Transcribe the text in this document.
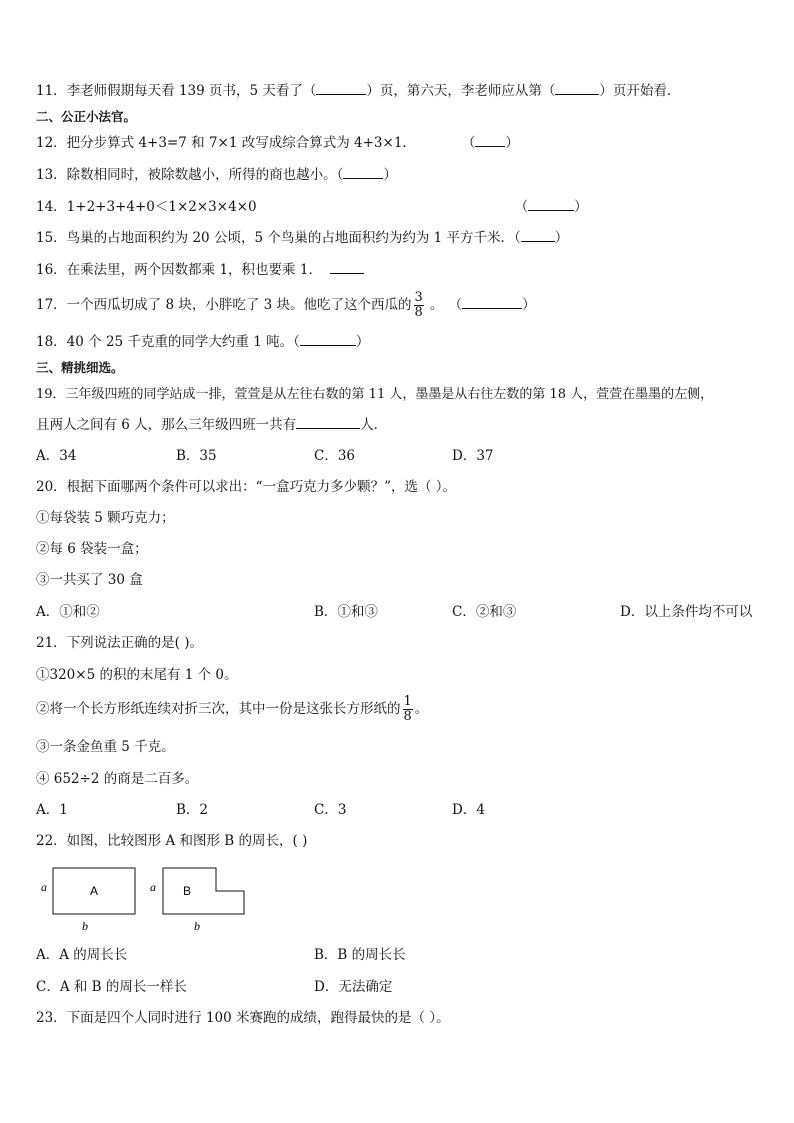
11．李老师假期每天看 139 页书，5 天看了（	）页，第六天，李老师应从第（	）页开始看．
二、公正小法官。
12．把分步算式 4+3=7 和 7×1 改写成综合算式为 4+3×1．	（ ）
13．除数相同时，被除数越小，所得的商也越小。（	）
14．1+2+3+4+0＜1×2×3×4×0	（	）
15．鸟巢的占地面积约为 20 公顷，5 个鸟巢的占地面积约为约为 1 平方千米．（	）
16．在乘法里，两个因数都乘 1，积也要乘 1．
17．一个西瓜切成了 8 块，小胖吃了 3 块。他吃了这个西瓜的 $\frac{3}{8}$ 。 （	）
18．40 个 25 千克重的同学大约重 1 吨。（	）
三、精挑细选。
19．三年级四班的同学站成一排，萱萱是从左往右数的第 11 人，墨墨是从右往左数的第 18 人，萱萱在墨墨的左侧，
且两人之间有 6 人，那么三年级四班一共有	人．
A．34	B．35	C．36	D．37
20．根据下面哪两个条件可以求出：“一盒巧克力多少颗？”，选（ ）。
①每袋装 5 颗巧克力；
②每 6 袋装一盒；
③一共买了 30 盒
A．①和②	B．①和③	C．②和③	D．以上条件均不可以
21．下列说法正确的是( )。
①320×5 的积的末尾有 1 个 0。
②将一个长方形纸连续对折三次，其中一份是这张长方形纸的 $\frac{1}{8}$ 。
③一条金鱼重 5 千克。
④ 652÷2 的商是二百多。
A．1	B．2	C．3	D．4
22．如图，比较图形 A 和图形 B 的周长，( )
A
a
b
B
a
b
A．A 的周长长	B．B 的周长长
C．A 和 B 的周长一样长	D．无法确定
23．下面是四个人同时进行 100 米赛跑的成绩，跑得最快的是（ ）。
